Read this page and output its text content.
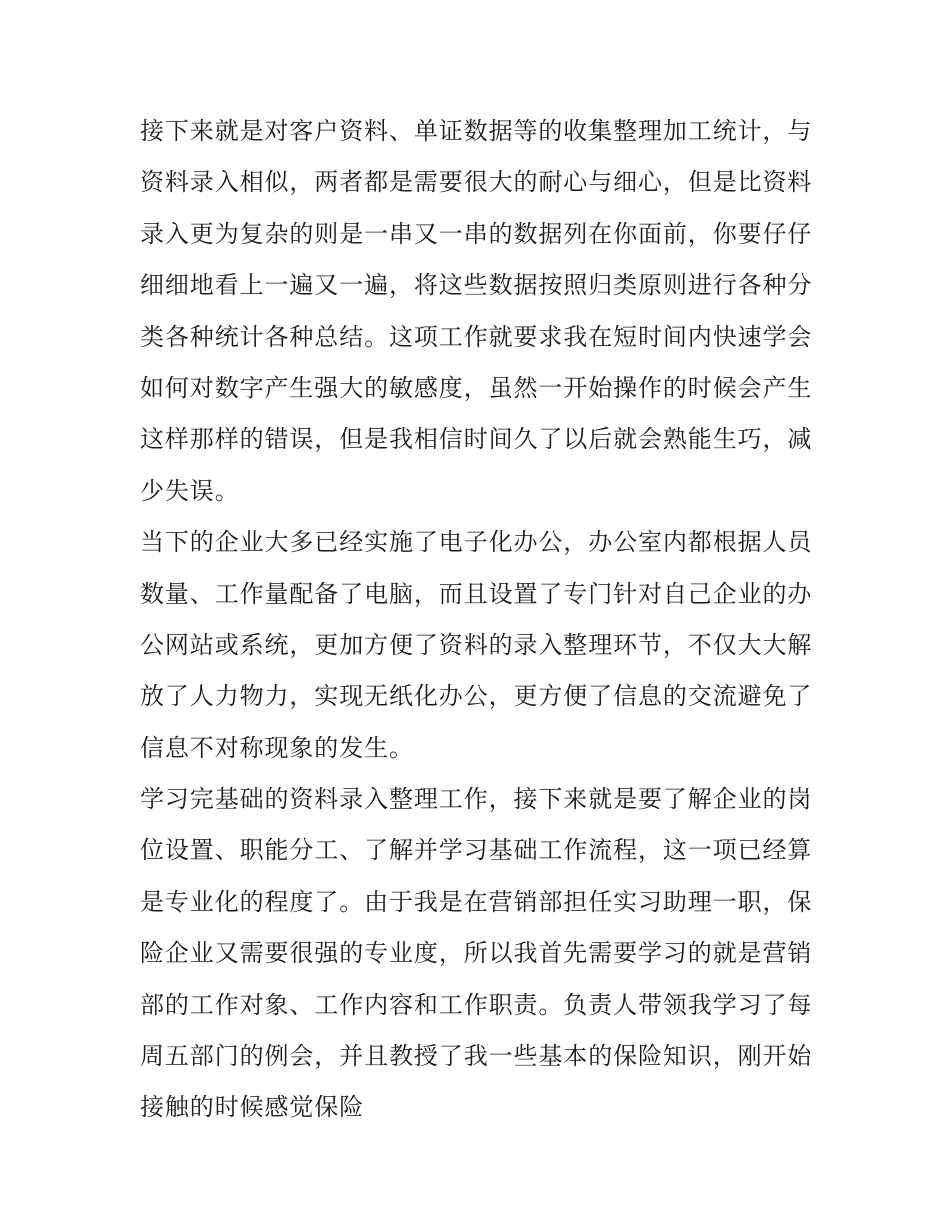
接下来就是对客户资料、单证数据等的收集整理加工统计，与
资料录入相似，两者都是需要很大的耐心与细心，但是比资料
录入更为复杂的则是一串又一串的数据列在你面前，你要仔仔
细细地看上一遍又一遍，将这些数据按照归类原则进行各种分
类各种统计各种总结。这项工作就要求我在短时间内快速学会
如何对数字产生强大的敏感度，虽然一开始操作的时候会产生
这样那样的错误，但是我相信时间久了以后就会熟能生巧，减
少失误。
当下的企业大多已经实施了电子化办公，办公室内都根据人员
数量、工作量配备了电脑，而且设置了专门针对自己企业的办
公网站或系统，更加方便了资料的录入整理环节，不仅大大解
放了人力物力，实现无纸化办公，更方便了信息的交流避免了
信息不对称现象的发生。
学习完基础的资料录入整理工作，接下来就是要了解企业的岗
位设置、职能分工、了解并学习基础工作流程，这一项已经算
是专业化的程度了。由于我是在营销部担任实习助理一职，保
险企业又需要很强的专业度，所以我首先需要学习的就是营销
部的工作对象、工作内容和工作职责。负责人带领我学习了每
周五部门的例会，并且教授了我一些基本的保险知识，刚开始
接触的时候感觉保险
